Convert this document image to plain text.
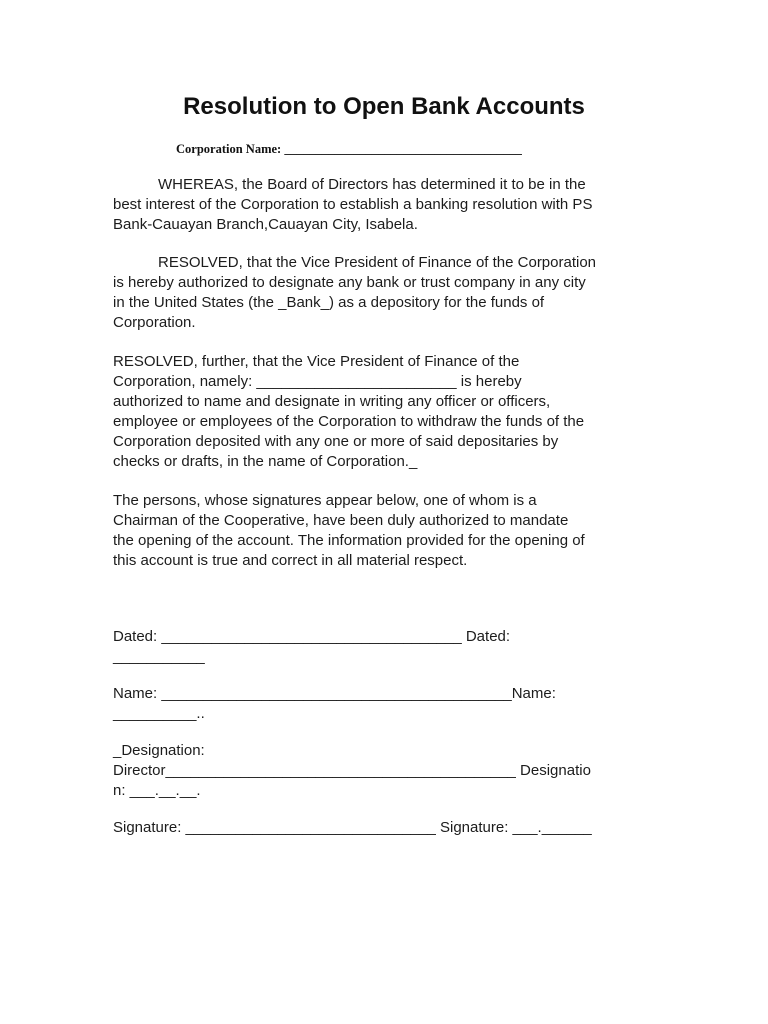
Resolution to Open Bank Accounts
Corporation Name: ______________________________________
WHEREAS, the Board of Directors has determined it to be in the
best interest of the Corporation to establish a banking resolution with PS
Bank-Cauayan Branch,Cauayan City, Isabela.
RESOLVED, that the Vice President of Finance of the Corporation
is hereby authorized to designate any bank or trust company in any city
in the United States (the _Bank_) as a depository for the funds of
Corporation.
RESOLVED, further, that the Vice President of Finance of the
Corporation, namely: ________________________ is hereby
authorized to name and designate in writing any officer or officers,
employee or employees of the Corporation to withdraw the funds of the
Corporation deposited with any one or more of said depositaries by
checks or drafts, in the name of Corporation._
The persons, whose signatures appear below, one of whom is a
Chairman of the Cooperative, have been duly authorized to mandate
the opening of the account. The information provided for the opening of
this account is true and correct in all material respect.
Dated: ____________________________________ Dated:
___________
Name: __________________________________________Name:
__________..
_Designation:
Director__________________________________________ Designatio
n: ___.__.__.
Signature: ______________________________ Signature: ___.______
